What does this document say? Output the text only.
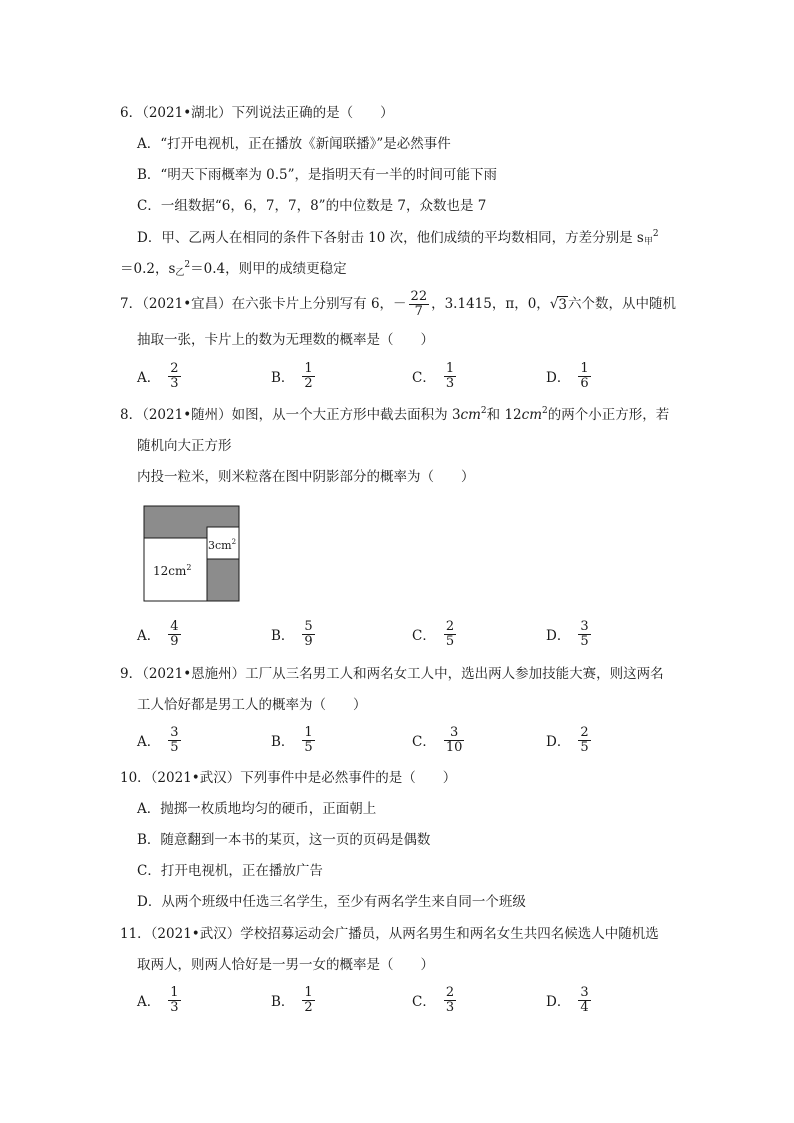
6．（2021•湖北）下列说法正确的是（　　）
A．“打开电视机，正在播放《新闻联播》”是必然事件
B．“明天下雨概率为 0.5”，是指明天有一半的时间可能下雨
C．一组数据“6，6，7，7，8”的中位数是 7，众数也是 7
D．甲、乙两人在相同的条件下各射击 10 次，他们成绩的平均数相同，方差分别是 $s_甲^2$
＝0.2，$s_乙^2=0.4$，则甲的成绩更稳定
7．（2021•宜昌）在六张卡片上分别写有 6，－ $\frac{22}{7}$ ，3.1415，π，0， √ 3 六个数，从中随机
抽取一张，卡片上的数为无理数的概率是（　　）
A． $\frac{2}{3}$	B． $\frac{1}{2}$	C． $\frac{1}{3}$	D． $\frac{1}{6}$
8．（2021•随州）如图，从一个大正方形中截去面积为 $3cm^2$和 $12cm^2$的两个小正方形，若
随机向大正方形
内投一粒米，则米粒落在图中阴影部分的概率为（　　）
$12cm^2$
$3cm^2$
A． $\frac{4}{9}$	B． $\frac{5}{9}$	C． $\frac{2}{5}$	D． $\frac{3}{5}$
9．（2021•恩施州）工厂从三名男工人和两名女工人中，选出两人参加技能大赛，则这两名
工人恰好都是男工人的概率为（　　）
A． $\frac{3}{5}$	B． $\frac{1}{5}$	C． $\frac{3}{10}$	D． $\frac{2}{5}$
10．（2021•武汉）下列事件中是必然事件的是（　　）
A．抛掷一枚质地均匀的硬币，正面朝上
B．随意翻到一本书的某页，这一页的页码是偶数
C．打开电视机，正在播放广告
D．从两个班级中任选三名学生，至少有两名学生来自同一个班级
11．（2021•武汉）学校招募运动会广播员，从两名男生和两名女生共四名候选人中随机选
取两人，则两人恰好是一男一女的概率是（　　）
A． $\frac{1}{3}$	B． $\frac{1}{2}$	C． $\frac{2}{3}$	D． $\frac{3}{4}$
